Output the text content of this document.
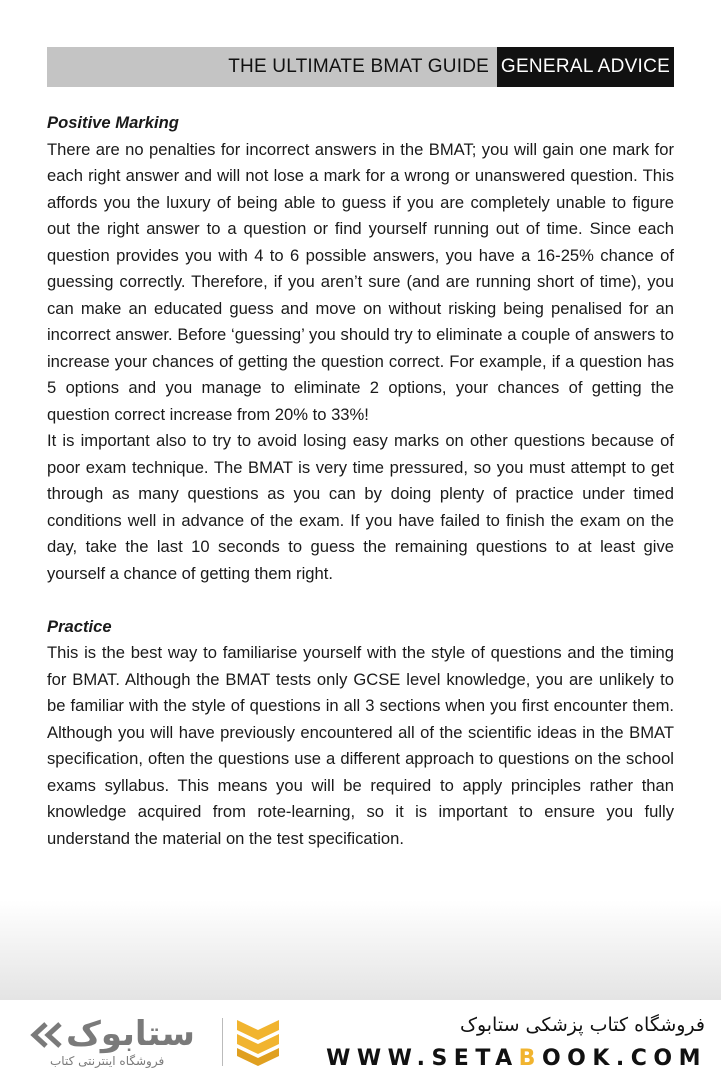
THE ULTIMATE BMAT GUIDE GENERAL ADVICE
Positive Marking

There are no penalties for incorrect answers in the BMAT; you will gain one mark for each right answer and will not lose a mark for a wrong or unanswered question. This affords you the luxury of being able to guess if you are completely unable to figure out the right answer to a question or find yourself running out of time. Since each question provides you with 4 to 6 possible answers, you have a 16-25% chance of guessing correctly. Therefore, if you aren’t sure (and are running short of time), you can make an educated guess and move on without risking being penalised for an incorrect answer. Before ‘guessing’ you should try to eliminate a couple of answers to increase your chances of getting the question correct. For example, if a question has 5 options and you manage to eliminate 2 options, your chances of getting the question correct increase from 20% to 33%!

It is important also to try to avoid losing easy marks on other questions because of poor exam technique. The BMAT is very time pressured, so you must attempt to get through as many questions as you can by doing plenty of practice under timed conditions well in advance of the exam. If you have failed to finish the exam on the day, take the last 10 seconds to guess the remaining questions to at least give yourself a chance of getting them right.

Practice

This is the best way to familiarise yourself with the style of questions and the timing for BMAT. Although the BMAT tests only GCSE level knowledge, you are unlikely to be familiar with the style of questions in all 3 sections when you first encounter them. Although you will have previously encountered all of the scientific ideas in the BMAT specification, often the questions use a different approach to questions on the school exams syllabus. This means you will be required to apply principles rather than knowledge acquired from rote-learning, so it is important to ensure you fully understand the material on the test specification.

ستابوک
فروشگاه اینترنتی کتاب
فروشگاه کتاب پزشکی ستابوک
WWW.SETABOOK.COM
